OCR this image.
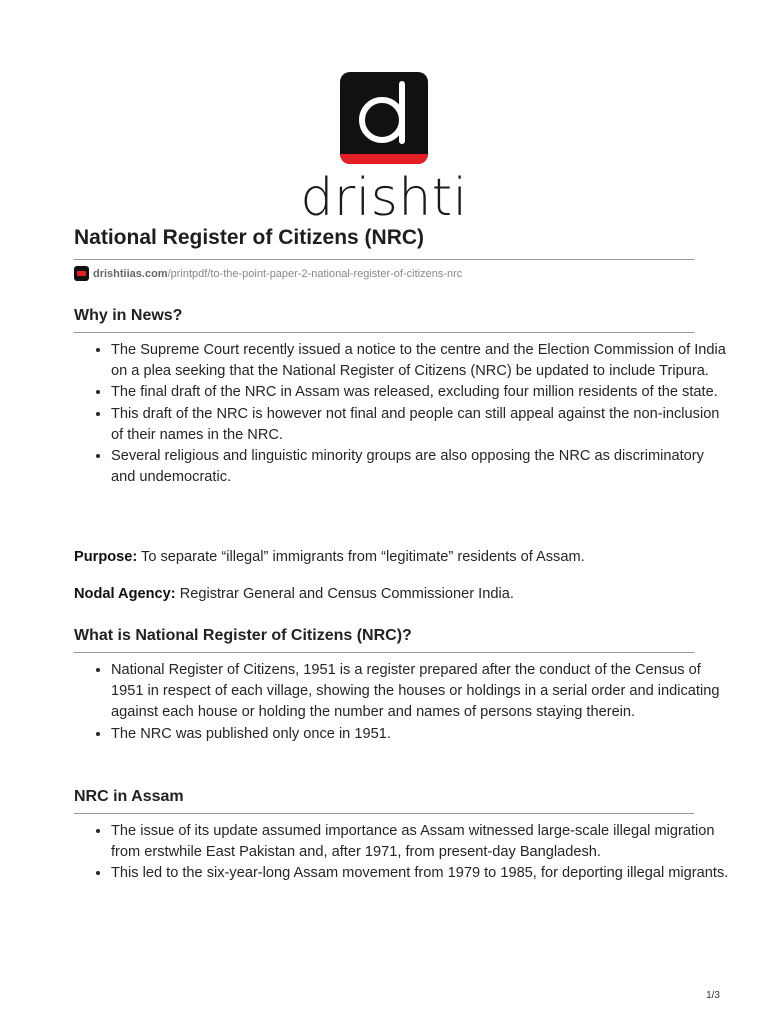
drishti
National Register of Citizens (NRC)
drishtiias.com /printpdf/to-the-point-paper-2-national-register-of-citizens-nrc
Why in News?
• The Supreme Court recently issued a notice to the centre and the Election Commission of India on a plea seeking that the National Register of Citizens (NRC) be updated to include Tripura.
• The final draft of the NRC in Assam was released, excluding four million residents of the state.
• This draft of the NRC is however not final and people can still appeal against the non-inclusion of their names in the NRC.
• Several religious and linguistic minority groups are also opposing the NRC as discriminatory and undemocratic.

Purpose: To separate “illegal” immigrants from “legitimate” residents of Assam.

Nodal Agency: Registrar General and Census Commissioner India.

What is National Register of Citizens (NRC)?
• National Register of Citizens, 1951 is a register prepared after the conduct of the Census of 1951 in respect of each village, showing the houses or holdings in a serial order and indicating against each house or holding the number and names of persons staying therein.
• The NRC was published only once in 1951.
NRC in Assam
• The issue of its update assumed importance as Assam witnessed large-scale illegal migration from erstwhile East Pakistan and, after 1971, from present-day Bangladesh.
• This led to the six-year-long Assam movement from 1979 to 1985, for deporting illegal migrants.
1/3
